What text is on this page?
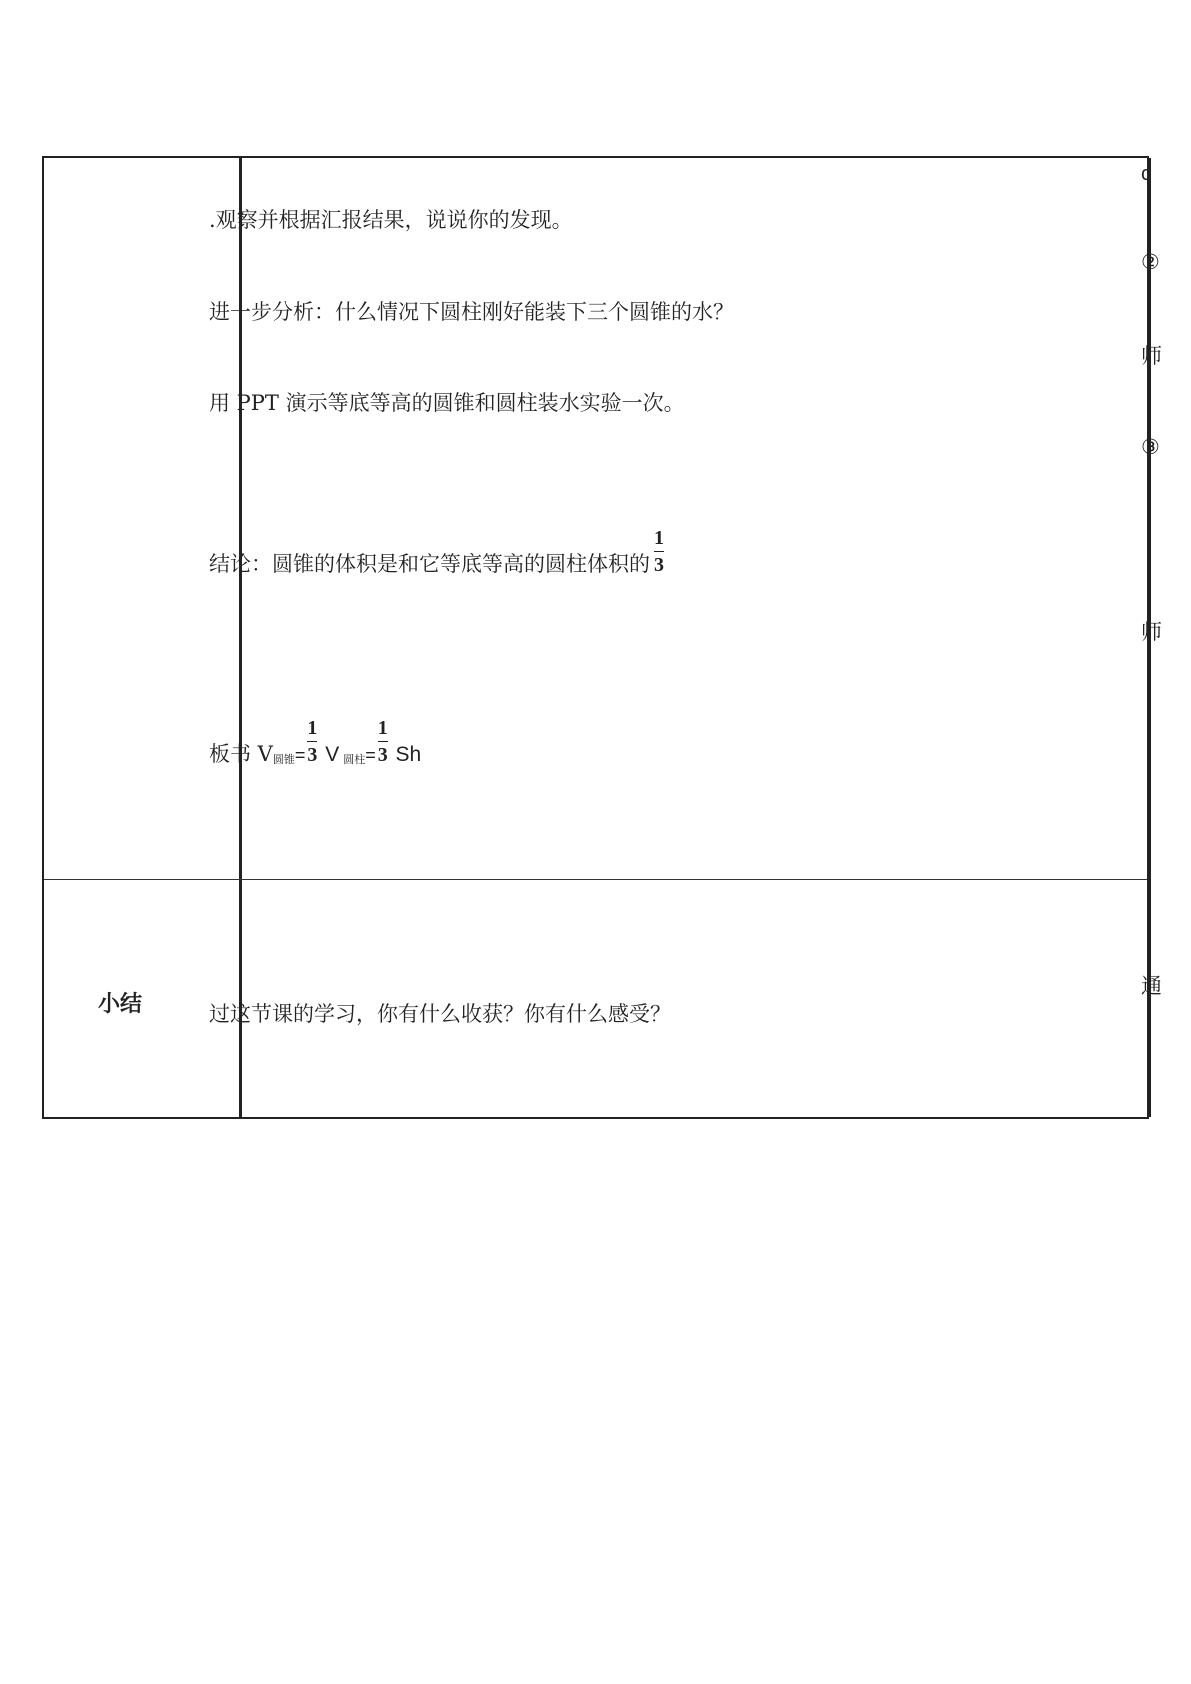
.观察并根据汇报结果，说说你的发现。
进一步分析：什么情况下圆柱刚好能装下三个圆锥的水？
用 PPT 演示等底等高的圆锥和圆柱装水实验一次。
结论：圆锥的体积是和它等底等高的圆柱体积的 $\frac{1}{3}$
板书 $V_{圆锥}= \frac{1}{3}$ V $_{圆柱}= \frac{1}{3}$ Sh
小结	过这节课的学习，你有什么收获？你有什么感受？
c
②
师
③
师
通
